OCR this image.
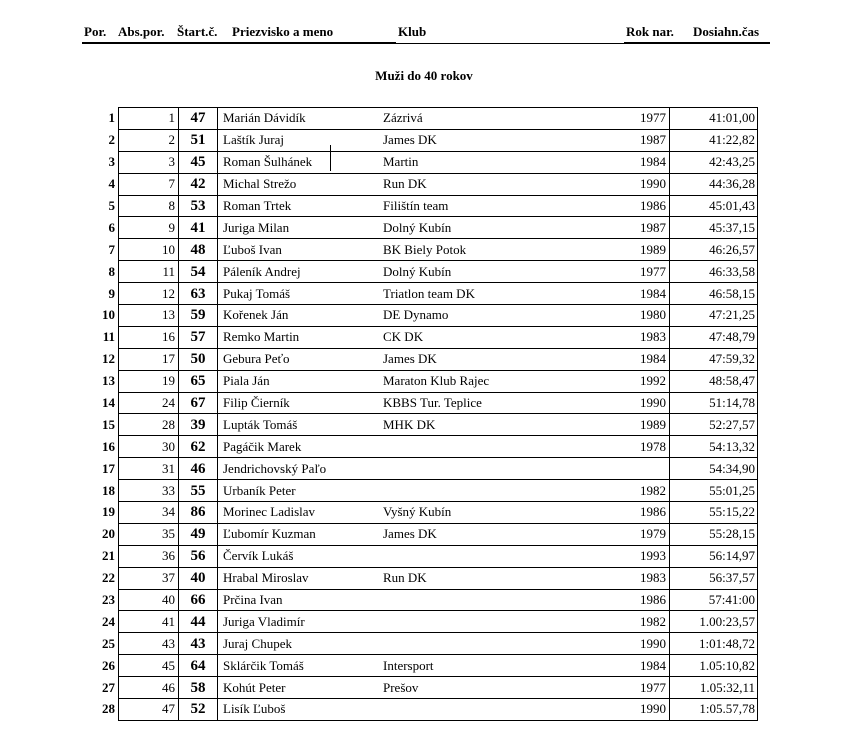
Por. Abs.por. Štart.č. Priezvisko a meno	Klub	Rok nar. Dosiahn.čas
Muži do 40 rokov
1	1	47	Marián Dávidík	Zázrivá	1977	41:01,00
2	2	51	Laštík Juraj	James DK	1987	41:22,82
3	3	45	Roman Šulhánek	Martin	1984	42:43,25
4	7	42	Michal Strežo	Run DK	1990	44:36,28
5	8	53	Roman Trtek	Filištín team	1986	45:01,43
6	9	41	Juriga Milan	Dolný Kubín	1987	45:37,15
7	10	48	Ľuboš Ivan	BK Biely Potok	1989	46:26,57
8	11	54	Páleník Andrej	Dolný Kubín	1977	46:33,58
9	12	63	Pukaj Tomáš	Triatlon team DK	1984	46:58,15
10	13	59	Kořenek Ján	DE Dynamo	1980	47:21,25
11	16	57	Remko Martin	CK DK	1983	47:48,79
12	17	50	Gebura Peťo	James DK	1984	47:59,32
13	19	65	Piala Ján	Maraton Klub Rajec	1992	48:58,47
14	24	67	Filip Čierník	KBBS Tur. Teplice	1990	51:14,78
15	28	39	Lupták Tomáš	MHK DK	1989	52:27,57
16	30	62	Pagáčik Marek		1978	54:13,32
17	31	46	Jendrichovský Paľo			54:34,90
18	33	55	Urbaník Peter		1982	55:01,25
19	34	86	Morinec Ladislav	Vyšný Kubín	1986	55:15,22
20	35	49	Ľubomír Kuzman	James DK	1979	55:28,15
21	36	56	Červík Lukáš		1993	56:14,97
22	37	40	Hrabal Miroslav	Run DK	1983	56:37,57
23	40	66	Prčina Ivan		1986	57:41:00
24	41	44	Juriga Vladimír		1982	1.00:23,57
25	43	43	Juraj Chupek		1990	1:01:48,72
26	45	64	Sklárčik Tomáš	Intersport	1984	1.05:10,82
27	46	58	Kohút Peter	Prešov	1977	1.05:32,11
28	47	52	Lisík Ľuboš		1990	1:05.57,78
